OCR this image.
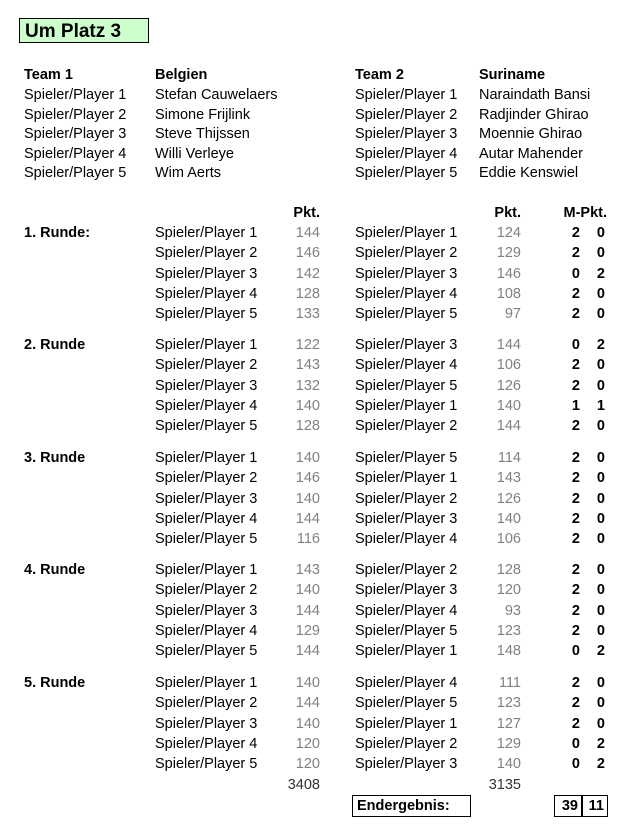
Um Platz 3
Team 1	Belgien	Team 2	Suriname
Spieler/Player 1 Stefan Cauwelaers	Spieler/Player 1 Naraindath Bansi
Spieler/Player 2 Simone Frijlink	Spieler/Player 2 Radjinder Ghirao
Spieler/Player 3 Steve Thijssen	Spieler/Player 3 Moennie Ghirao
Spieler/Player 4 Willi Verleye	Spieler/Player 4 Autar Mahender
Spieler/Player 5 Wim Aerts	Spieler/Player 5 Eddie Kenswiel
Pkt.	Pkt.	M-Pkt.
1. Runde:	Spieler/Player 1	144 Spieler/Player 1	124	2	0
Spieler/Player 2	146 Spieler/Player 2	129	2	0
Spieler/Player 3	142 Spieler/Player 3	146	0	2
Spieler/Player 4	128 Spieler/Player 4	108	2	0
Spieler/Player 5	133 Spieler/Player 5	97	2	0
2. Runde	Spieler/Player 1	122 Spieler/Player 3	144	0	2
Spieler/Player 2	143 Spieler/Player 4	106	2	0
Spieler/Player 3	132 Spieler/Player 5	126	2	0
Spieler/Player 4	140 Spieler/Player 1	140	1	1
Spieler/Player 5	128 Spieler/Player 2	144	2	0
3. Runde	Spieler/Player 1	140 Spieler/Player 5	114	2	0
Spieler/Player 2	146 Spieler/Player 1	143	2	0
Spieler/Player 3	140 Spieler/Player 2	126	2	0
Spieler/Player 4	144 Spieler/Player 3	140	2	0
Spieler/Player 5	116 Spieler/Player 4	106	2	0
4. Runde	Spieler/Player 1	143 Spieler/Player 2	128	2	0
Spieler/Player 2	140 Spieler/Player 3	120	2	0
Spieler/Player 3	144 Spieler/Player 4	93	2	0
Spieler/Player 4	129 Spieler/Player 5	123	2	0
Spieler/Player 5	144 Spieler/Player 1	148	0	2
5. Runde	Spieler/Player 1	140 Spieler/Player 4	111	2	0
Spieler/Player 2	144 Spieler/Player 5	123	2	0
Spieler/Player 3	140 Spieler/Player 1	127	2	0
Spieler/Player 4	120 Spieler/Player 2	129	0	2
Spieler/Player 5	120 Spieler/Player 3	140	0	2
3408	3135
Endergebnis:	39 11
